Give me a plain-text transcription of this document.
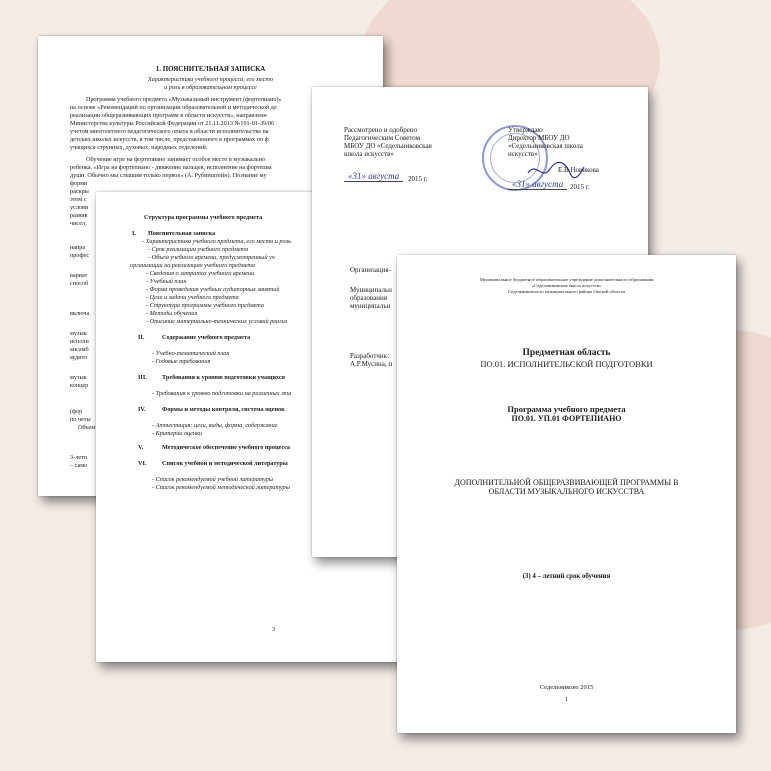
1. ПОЯСНИТЕЛЬНАЯ ЗАПИСКА
Характеристика учебного процесса, его место
и роль в образовательном процессе
Программа учебного предмета «Музыкальный инструмент (фортепиано)»
на основе «Рекомендаций по организации образовательной и методической де
реализации общеразвивающих программ в области искусств», направленн
Министерства культуры Российской Федерации от 21.11.2013 №191-01-39/06
учетом многолетнего педагогического опыта в области исполнительства на
детских школах искусств, в том числе, представленного в программах по ф
учащихся струнных, духовых, народных отделений.
Обучение игре на фортепиано занимает особое место в музыкально
ребенка. «Игра на фортепиано - движение пальцев, исполнение на фортепиа
души. Обычно мы слышим только первое» (А. Рубинштейн). Познание му
форми
раскры
этом с
услови
развив
чисел,
напра
профес
вариат
способ
включа
музык
исполн
ансамб
аудито
музык
концер
(фор
по четы
Объем
3-летн
– само
Структура программы учебного предмета
I. Пояснительная записка
- Характеристика учебного предмета, его место и роль
- Срок реализации учебного предмета
- Объем учебного времени, предусмотренный уч
организации на реализацию учебного предмета
- Сведения о затратах учебного времени
- Учебный план
- Форма проведения учебных аудиторных занятий
- Цели и задачи учебного предмета
- Структура программы учебного предмета
- Методы обучения
- Описание материально-технических условий реализ
II.	Содержание учебного предмета
- Учебно-тематический план
- Годовые требования
III. Требования к уровню подготовки учащихся
- Требования к уровню подготовки на различных эта
IV.	Формы и методы контроля, система оценок
- Аттестация: цели, виды, форма, содержание
- Критерии оценки
V.	Методическое обеспечение учебного процесса
VI.	Список учебной и методической литературы
- Список рекомендуемой учебной литературы
- Список рекомендуемой методической литературы
3
Рассмотрено и одобрено
Педагогическим Советом
МБОУ ДО «Седельниковская
школа искусств»
«31» августа	2015 г.
Утверждаю
Директор МБОУ ДО
«Седельниковская школа
искусств»
Е.В.Новикова
«31» августа 2015 г.
Организация-
Муниципальн
образования
муниципальн
Разработчик:
А.Р.Мусина, п
Муниципальное бюджетное образовательное учреждение дополнительного образования
«Седельниковская школа искусств»
Седельниковского муниципального района Омской области
Предметная область
ПО.01. ИСПОЛНИТЕЛЬСКОЙ ПОДГОТОВКИ
Программа учебного предмета
ПО.01. УП.01 ФОРТЕПИАНО
ДОПОЛНИТЕЛЬНОЙ ОБЩЕРАЗВИВАЮЩЕЙ ПРОГРАММЫ В
ОБЛАСТИ МУЗЫКАЛЬНОГО ИСКУССТВА
(3) 4 – летний срок обучения
Седельниково 2015
1
